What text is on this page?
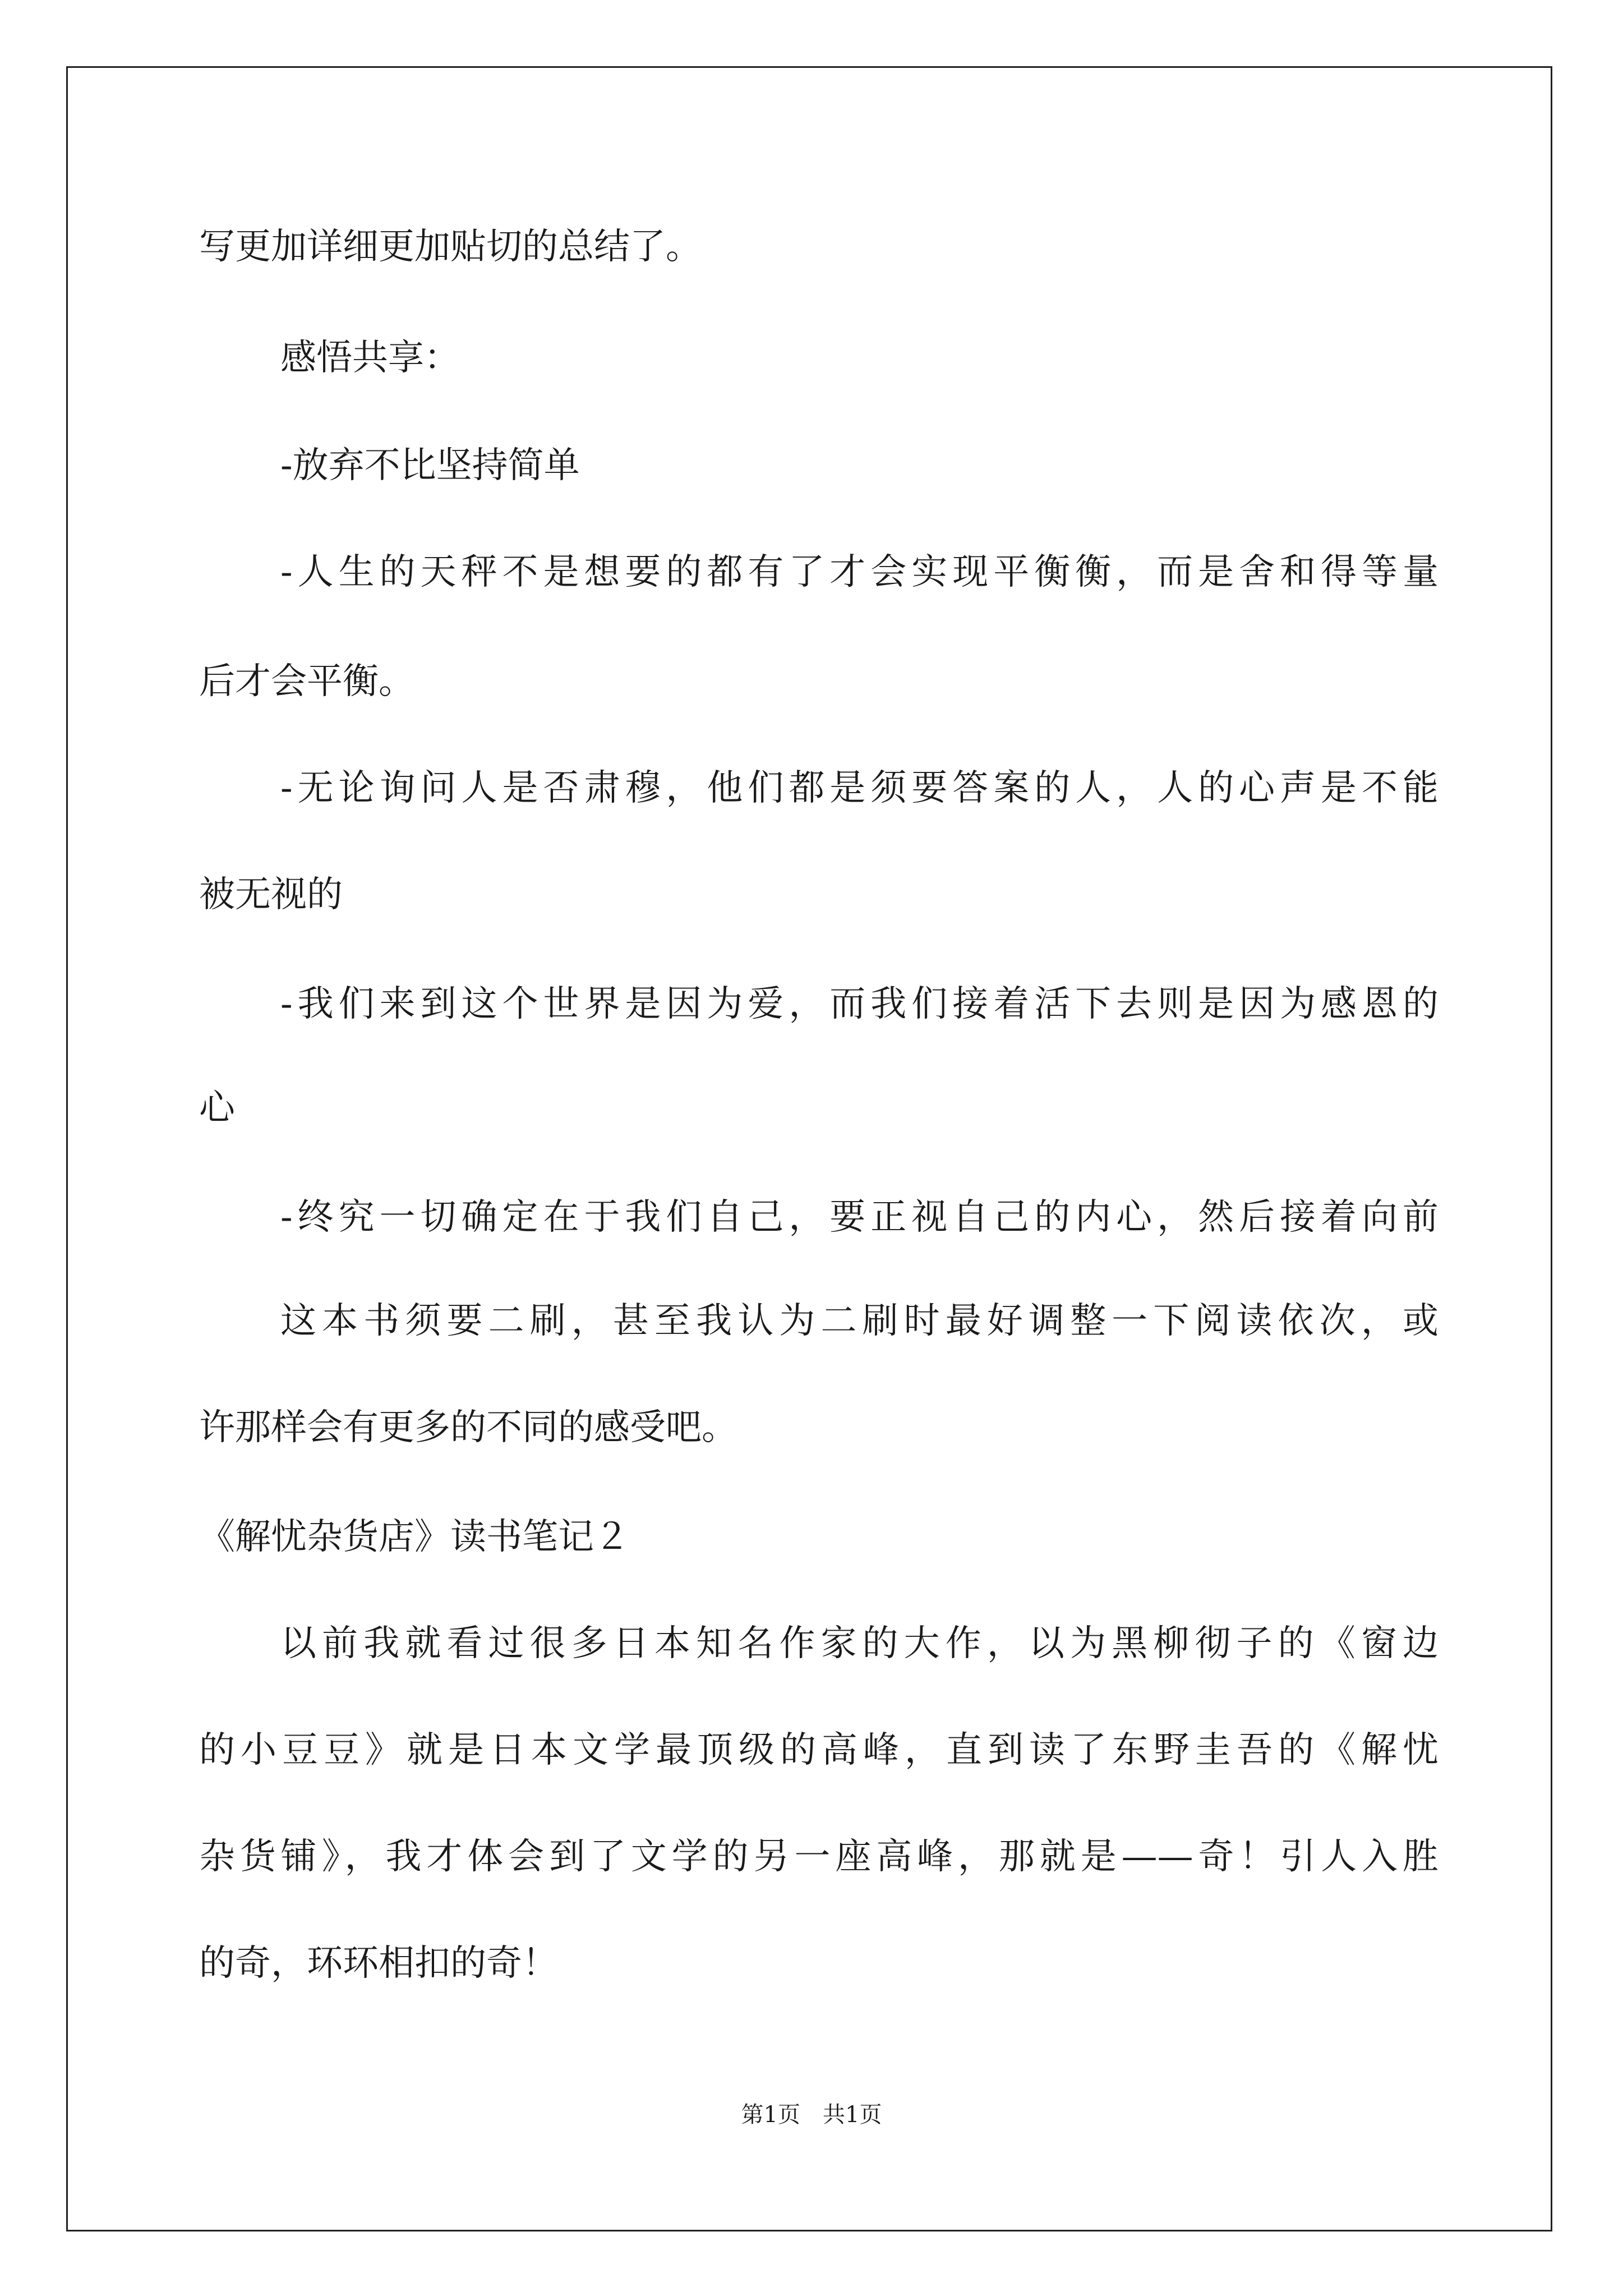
写更加详细更加贴切的总结了。
感悟共享：
-放弃不比坚持简单
-人生的天秤不是想要的都有了才会实现平衡衡，而是舍和得等量
后才会平衡。
-无论询问人是否肃穆，他们都是须要答案的人，人的心声是不能
被无视的
-我们来到这个世界是因为爱，而我们接着活下去则是因为感恩的
心
-终究一切确定在于我们自己，要正视自己的内心，然后接着向前
这本书须要二刷，甚至我认为二刷时最好调整一下阅读依次，或
许那样会有更多的不同的感受吧。
《解忧杂货店》读书笔记２
以前我就看过很多日本知名作家的大作，以为黑柳彻子的《窗边
的小豆豆》就是日本文学最顶级的高峰，直到读了东野圭吾的《解忧
杂货铺》，我才体会到了文学的另一座高峰，那就是——奇！引人入胜
的奇，环环相扣的奇！
第1页　共1页
